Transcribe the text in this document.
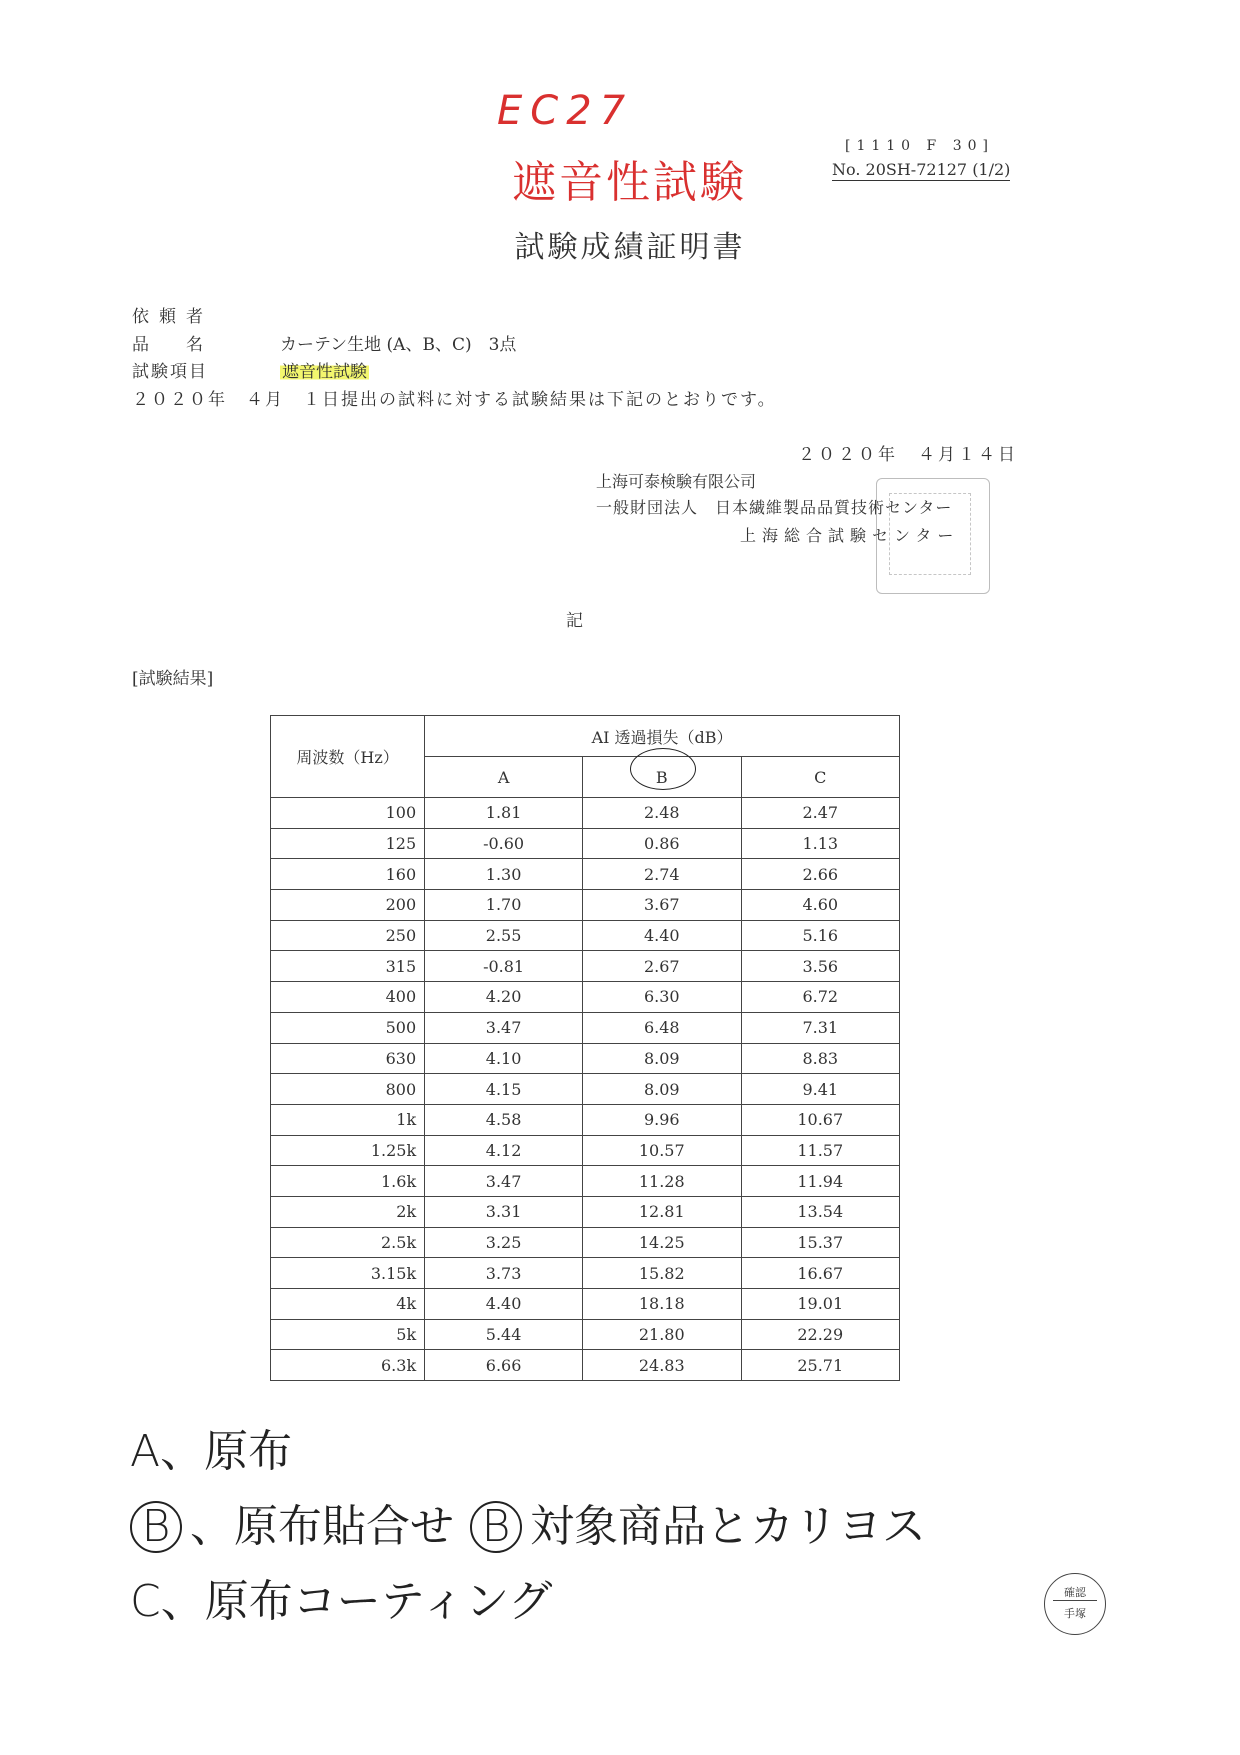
EC27
遮音性試験
[1110 F 30]
No. 20SH-72127 (1/2)
試験成績証明書
依頼者
品　名	カーテン生地 (A、B、C)　3点
試験項目	遮音性試験
２０２０年　４月　１日提出の試料に対する試験結果は下記のとおりです。
２０２０年　４月１４日
上海可泰検験有限公司
一般財団法人　日本繊維製品品質技術センター
上海総合試験センター
記
[試験結果]
周波数（Hz）	AI 透過損失（dB）		
	A	B	C
100	1.81	2.48	2.47
125	-0.60	0.86	1.13
160	1.30	2.74	2.66
200	1.70	3.67	4.60
250	2.55	4.40	5.16
315	-0.81	2.67	3.56
400	4.20	6.30	6.72
500	3.47	6.48	7.31
630	4.10	8.09	8.83
800	4.15	8.09	9.41
1k	4.58	9.96	10.67
1.25k	4.12	10.57	11.57
1.6k	3.47	11.28	11.94
2k	3.31	12.81	13.54
2.5k	3.25	14.25	15.37
3.15k	3.73	15.82	16.67
4k	4.40	18.18	19.01
5k	5.44	21.80	22.29
6.3k	6.66	24.83	25.71
A、原布
B 、原布貼合せ B 対象商品とカリヨス
C、原布コーティング	確認
手塚
